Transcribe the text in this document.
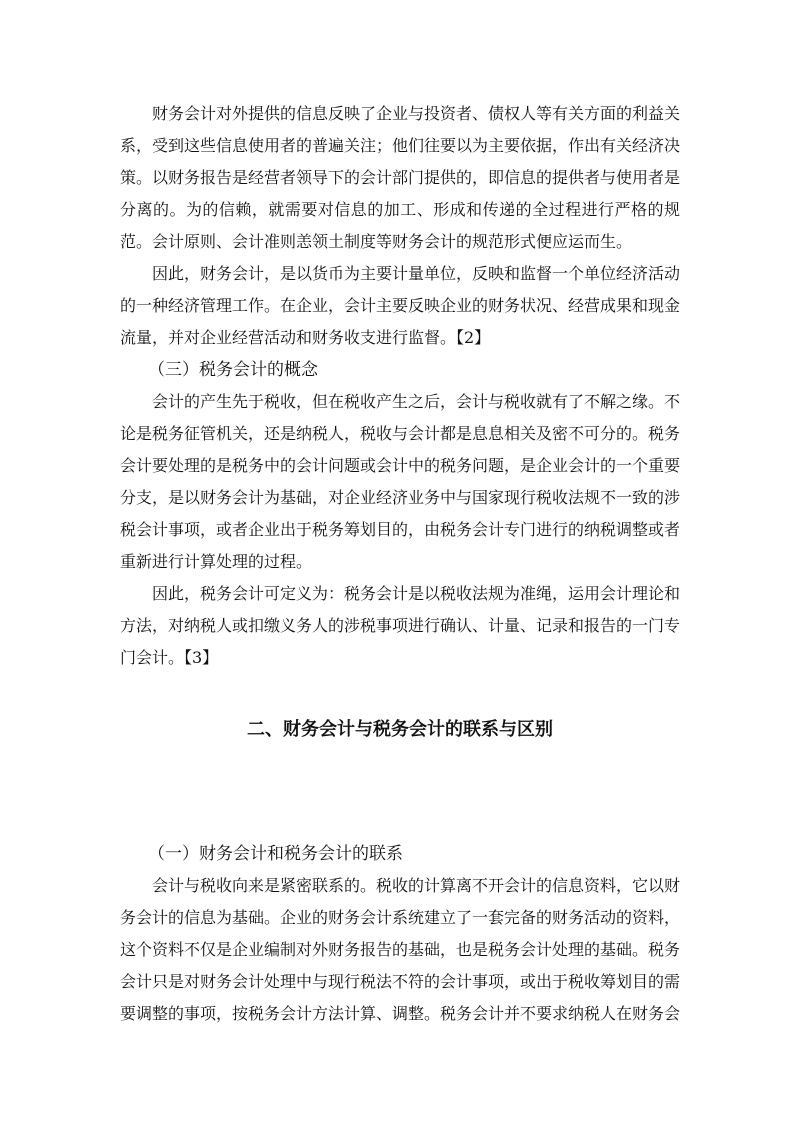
财务会计对外提供的信息反映了企业与投资者、债权人等有关方面的利益关系，受到这些信息使用者的普遍关注；他们往要以为主要依据，作出有关经济决策。以财务报告是经营者领导下的会计部门提供的，即信息的提供者与使用者是分离的。为的信赖，就需要对信息的加工、形成和传递的全过程进行严格的规范。会计原则、会计准则恙领土制度等财务会计的规范形式便应运而生。

因此，财务会计，是以货币为主要计量单位，反映和监督一个单位经济活动的一种经济管理工作。在企业，会计主要反映企业的财务状况、经营成果和现金流量，并对企业经营活动和财务收支进行监督。【2】

（三）税务会计的概念

会计的产生先于税收，但在税收产生之后，会计与税收就有了不解之缘。不论是税务征管机关，还是纳税人，税收与会计都是息息相关及密不可分的。税务会计要处理的是税务中的会计问题或会计中的税务问题，是企业会计的一个重要分支，是以财务会计为基础，对企业经济业务中与国家现行税收法规不一致的涉税会计事项，或者企业出于税务筹划目的，由税务会计专门进行的纳税调整或者重新进行计算处理的过程。

因此，税务会计可定义为：税务会计是以税收法规为准绳，运用会计理论和方法，对纳税人或扣缴义务人的涉税事项进行确认、计量、记录和报告的一门专门会计。【3】

二、财务会计与税务会计的联系与区别

（一）财务会计和税务会计的联系

会计与税收向来是紧密联系的。税收的计算离不开会计的信息资料，它以财务会计的信息为基础。企业的财务会计系统建立了一套完备的财务活动的资料，这个资料不仅是企业编制对外财务报告的基础，也是税务会计处理的基础。税务会计只是对财务会计处理中与现行税法不符的会计事项，或出于税收筹划目的需要调整的事项，按税务会计方法计算、调整。税务会计并不要求纳税人在财务会
